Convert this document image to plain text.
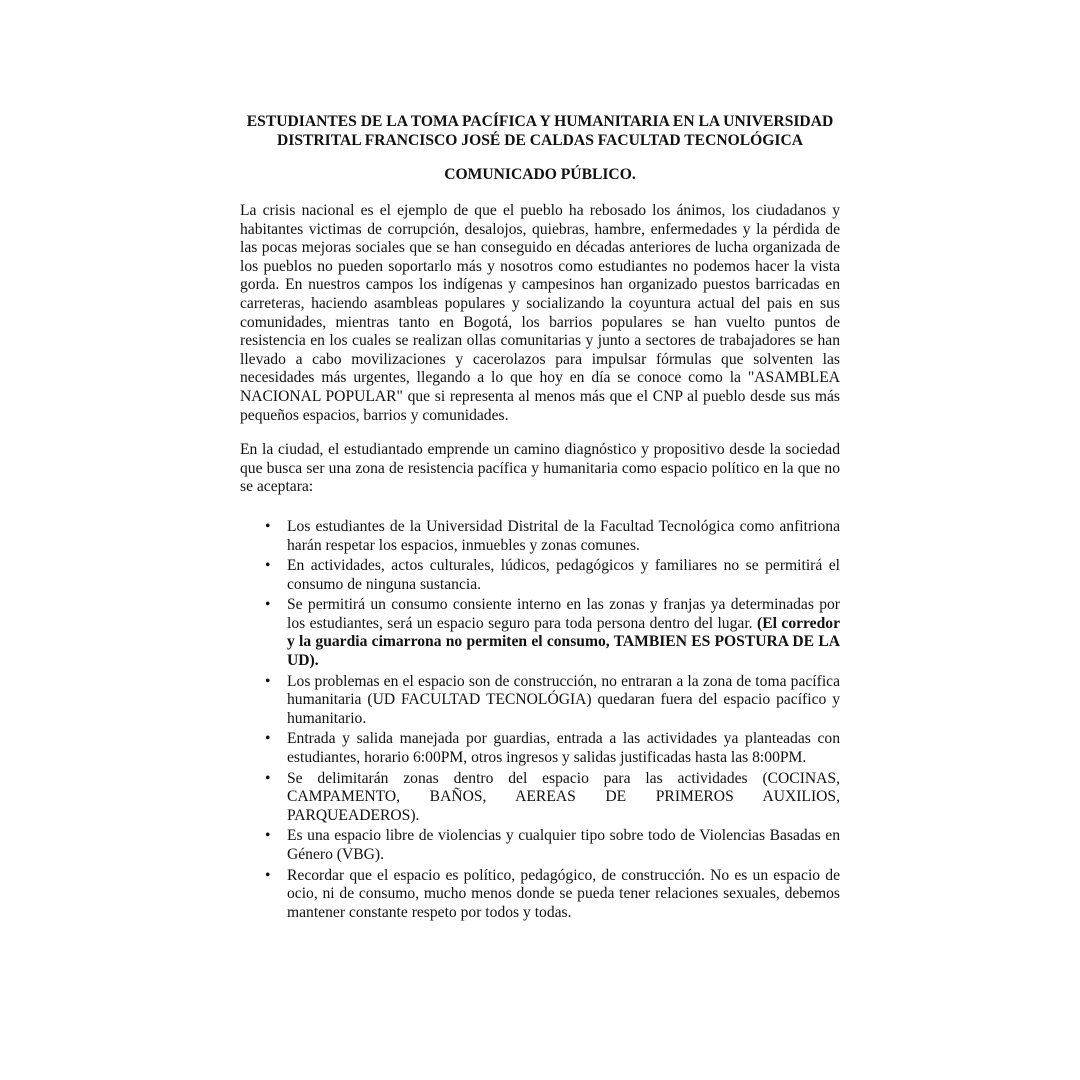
ESTUDIANTES DE LA TOMA PACÍFICA Y HUMANITARIA EN LA UNIVERSIDAD DISTRITAL FRANCISCO JOSÉ DE CALDAS FACULTAD TECNOLÓGICA

COMUNICADO PÚBLICO.

La crisis nacional es el ejemplo de que el pueblo ha rebosado los ánimos, los ciudadanos y habitantes victimas de corrupción, desalojos, quiebras, hambre, enfermedades y la pérdida de las pocas mejoras sociales que se han conseguido en décadas anteriores de lucha organizada de los pueblos no pueden soportarlo más y nosotros como estudiantes no podemos hacer la vista gorda. En nuestros campos los indígenas y campesinos han organizado puestos barricadas en carreteras, haciendo asambleas populares y socializando la coyuntura actual del pais en sus comunidades, mientras tanto en Bogotá, los barrios populares se han vuelto puntos de resistencia en los cuales se realizan ollas comunitarias y junto a sectores de trabajadores se han llevado a cabo movilizaciones y cacerolazos para impulsar fórmulas que solventen las necesidades más urgentes, llegando a lo que hoy en día se conoce como la "ASAMBLEA NACIONAL POPULAR" que si representa al menos más que el CNP al pueblo desde sus más pequeños espacios, barrios y comunidades.

En la ciudad, el estudiantado emprende un camino diagnóstico y propositivo desde la sociedad que busca ser una zona de resistencia pacífica y humanitaria como espacio político en la que no se aceptara:

• Los estudiantes de la Universidad Distrital de la Facultad Tecnológica como anfitriona harán respetar los espacios, inmuebles y zonas comunes.
• En actividades, actos culturales, lúdicos, pedagógicos y familiares no se permitirá el consumo de ninguna sustancia.
• Se permitirá un consumo consiente interno en las zonas y franjas ya determinadas por los estudiantes, será un espacio seguro para toda persona dentro del lugar. (El corredor y la guardia cimarrona no permiten el consumo, TAMBIEN ES POSTURA DE LA UD).
• Los problemas en el espacio son de construcción, no entraran a la zona de toma pacífica humanitaria (UD FACULTAD TECNOLÓGIA) quedaran fuera del espacio pacífico y humanitario.
• Entrada y salida manejada por guardias, entrada a las actividades ya planteadas con estudiantes, horario 6:00PM, otros ingresos y salidas justificadas hasta las 8:00PM.
• Se delimitarán zonas dentro del espacio para las actividades (COCINAS, CAMPAMENTO, BAÑOS, AEREAS DE PRIMEROS AUXILIOS, PARQUEADEROS).
• Es una espacio libre de violencias y cualquier tipo sobre todo de Violencias Basadas en Género (VBG).
• Recordar que el espacio es político, pedagógico, de construcción. No es un espacio de ocio, ni de consumo, mucho menos donde se pueda tener relaciones sexuales, debemos mantener constante respeto por todos y todas.
